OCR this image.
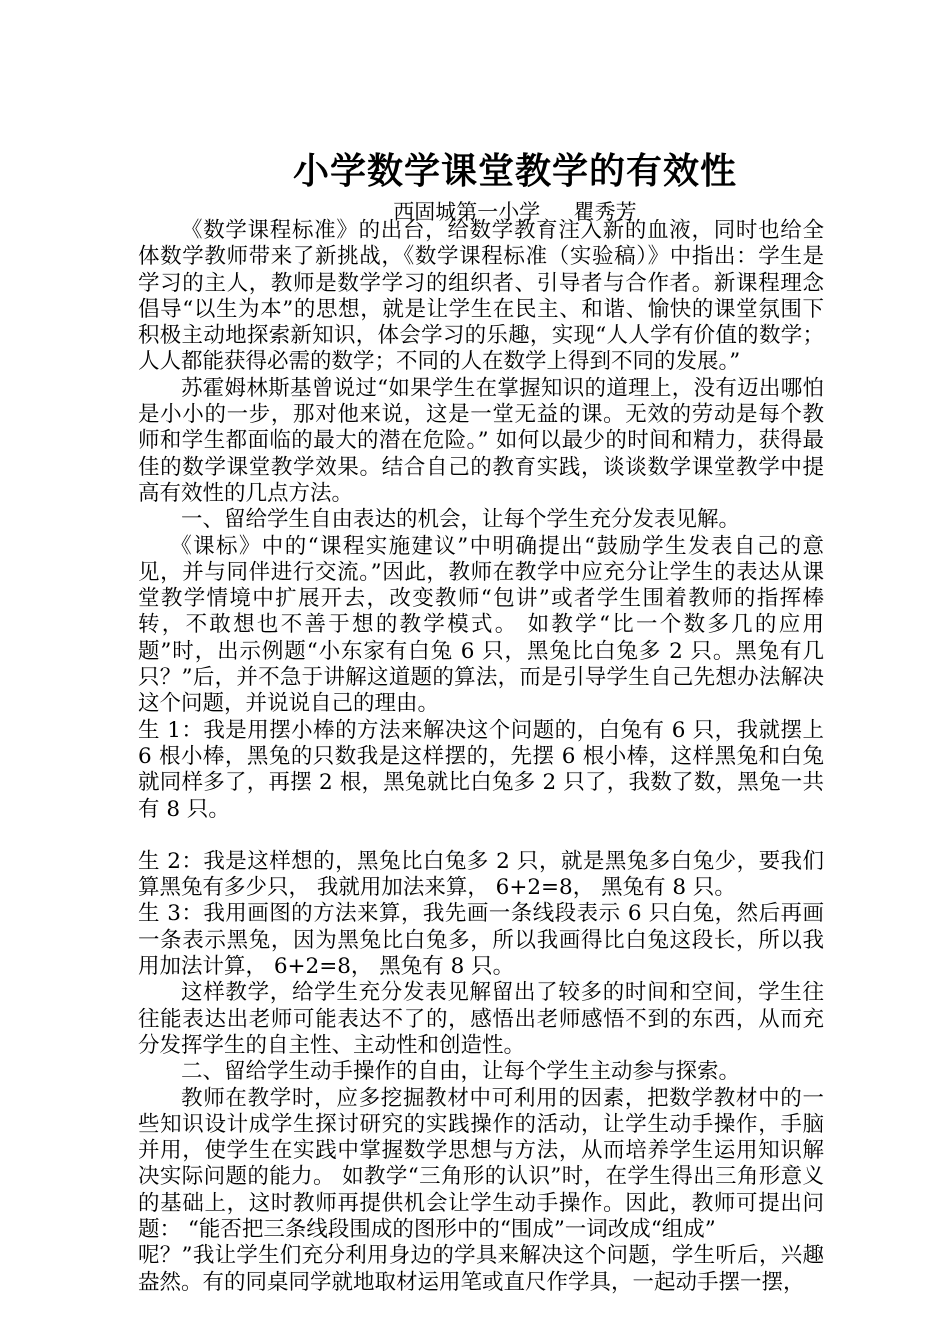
小学数学课堂教学的有效性
西固城第一小学     瞿秀芳

《数学课程标准》的出台，给数学教育注入新的血液，同时也给全体数学教师带来了新挑战，《数学课程标准（实验稿）》中指出：学生是学习的主人，教师是数学学习的组织者、引导者与合作者。新课程理念倡导“以生为本”的思想，就是让学生在民主、和谐、愉快的课堂氛围下积极主动地探索新知识，体会学习的乐趣，实现“人人学有价值的数学；人人都能获得必需的数学；不同的人在数学上得到不同的发展。”

苏霍姆林斯基曾说过“如果学生在掌握知识的道理上，没有迈出哪怕是小小的一步，那对他来说，这是一堂无益的课。无效的劳动是每个教师和学生都面临的最大的潜在危险。” 如何以最少的时间和精力，获得最佳的数学课堂教学效果。结合自己的教育实践，谈谈数学课堂教学中提高有效性的几点方法。

一、留给学生自由表达的机会，让每个学生充分发表见解。

《课标》中的“课程实施建议”中明确提出“鼓励学生发表自己的意见，并与同伴进行交流。”因此，教师在教学中应充分让学生的表达从课堂教学情境中扩展开去，改变教师“包讲”或者学生围着教师的指挥棒转，不敢想也不善于想的教学模式。 如教学“比一个数多几的应用题”时，出示例题“小东家有白兔 6 只，黑兔比白兔多 2 只。黑兔有几只？”后，并不急于讲解这道题的算法，而是引导学生自己先想办法解决这个问题，并说说自己的理由。

生 1：我是用摆小棒的方法来解决这个问题的，白兔有 6 只，我就摆上 6 根小棒，黑兔的只数我是这样摆的，先摆 6 根小棒，这样黑兔和白兔就同样多了，再摆 2 根，黑兔就比白兔多 2 只了，我数了数，黑兔一共有 8 只。

生 2：我是这样想的，黑兔比白兔多 2 只，就是黑兔多白兔少，要我们算黑兔有多少只， 我就用加法来算， 6+2=8， 黑兔有 8 只。

生 3：我用画图的方法来算，我先画一条线段表示 6 只白兔，然后再画一条表示黑兔，因为黑兔比白兔多，所以我画得比白兔这段长，所以我用加法计算， 6+2=8， 黑兔有 8 只。

这样教学，给学生充分发表见解留出了较多的时间和空间，学生往往能表达出老师可能表达不了的，感悟出老师感悟不到的东西，从而充分发挥学生的自主性、主动性和创造性。

二、留给学生动手操作的自由，让每个学生主动参与探索。

教师在教学时，应多挖掘教材中可利用的因素，把数学教材中的一些知识设计成学生探讨研究的实践操作的活动，让学生动手操作，手脑并用，使学生在实践中掌握数学思想与方法，从而培养学生运用知识解决实际问题的能力。 如教学“三角形的认识”时，在学生得出三角形意义的基础上，这时教师再提供机会让学生动手操作。因此，教师可提出问题： “能否把三条线段围成的图形中的“围成”一词改成“组成”

呢？”我让学生们充分利用身边的学具来解决这个问题，学生听后，兴趣盎然。有的同桌同学就地取材运用笔或直尺作学具，一起动手摆一摆，
